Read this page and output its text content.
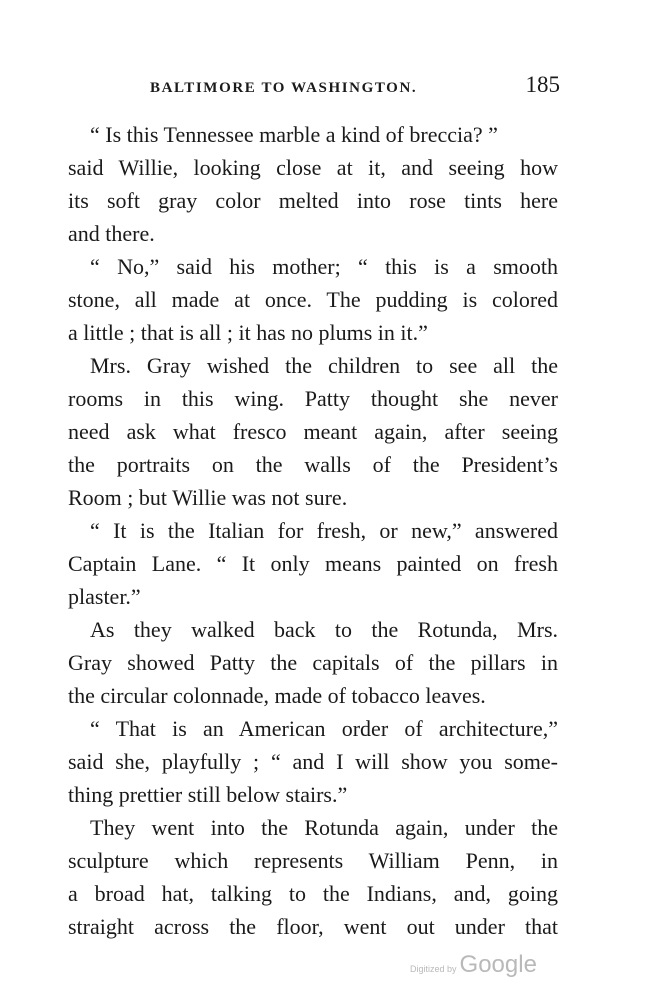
BALTIMORE TO WASHINGTON.	185
“ Is this Tennessee marble a kind of breccia? ”
said Willie, looking close at it, and seeing how
its soft gray color melted into rose tints here
and there.
“ No,” said his mother; “ this is a smooth
stone, all made at once. The pudding is colored
a little ; that is all ; it has no plums in it.”
Mrs. Gray wished the children to see all the
rooms in this wing. Patty thought she never
need ask what fresco meant again, after seeing
the portraits on the walls of the President’s
Room ; but Willie was not sure.
“ It is the Italian for fresh, or new,” answered
Captain Lane. “ It only means painted on fresh
plaster.”
As they walked back to the Rotunda, Mrs.
Gray showed Patty the capitals of the pillars in
the circular colonnade, made of tobacco leaves.
“ That is an American order of architecture,”
said she, playfully ; “ and I will show you some-
thing prettier still below stairs.”
They went into the Rotunda again, under the
sculpture which represents William Penn, in
a broad hat, talking to the Indians, and, going
straight across the floor, went out under that
Digitized by Google
